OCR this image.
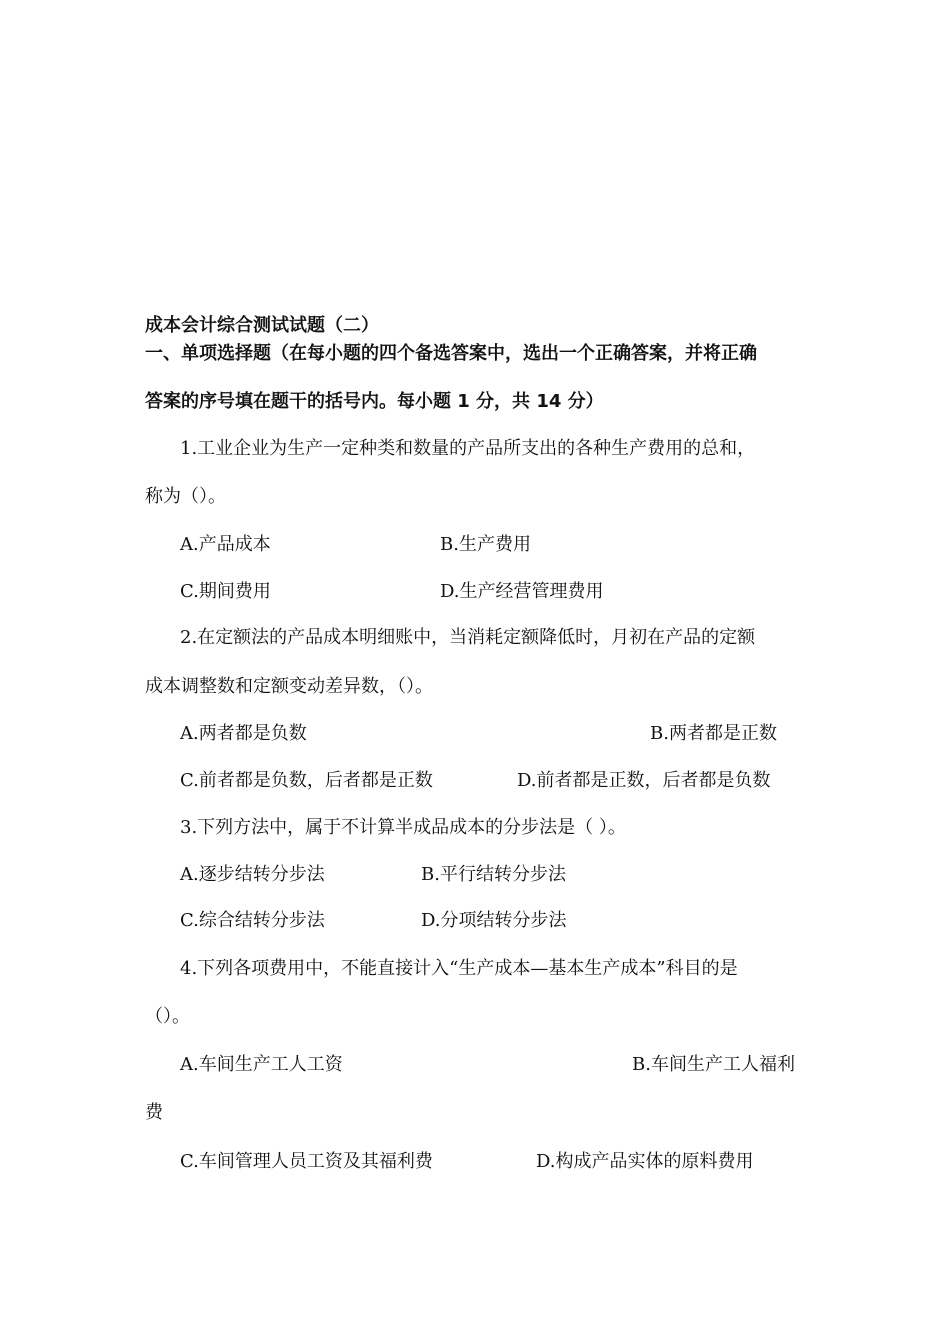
成本会计综合测试试题（二）
一、单项选择题（在每小题的四个备选答案中，选出一个正确答案，并将正确
答案的序号填在题干的括号内。每小题 1 分，共 14 分）
1.工业企业为生产一定种类和数量的产品所支出的各种生产费用的总和，
称为（）。
A.产品成本	B.生产费用
C.期间费用	D.生产经营管理费用
2.在定额法的产品成本明细账中，当消耗定额降低时，月初在产品的定额
成本调整数和定额变动差异数，（）。
A.两者都是负数	B.两者都是正数
C.前者都是负数，后者都是正数	D.前者都是正数，后者都是负数
3.下列方法中，属于不计算半成品成本的分步法是（ ）。
A.逐步结转分步法	B.平行结转分步法
C.综合结转分步法	D.分项结转分步法
4.下列各项费用中，不能直接计入“生产成本—基本生产成本”科目的是
（）。
A.车间生产工人工资	B.车间生产工人福利
费
C.车间管理人员工资及其福利费	D.构成产品实体的原料费用
